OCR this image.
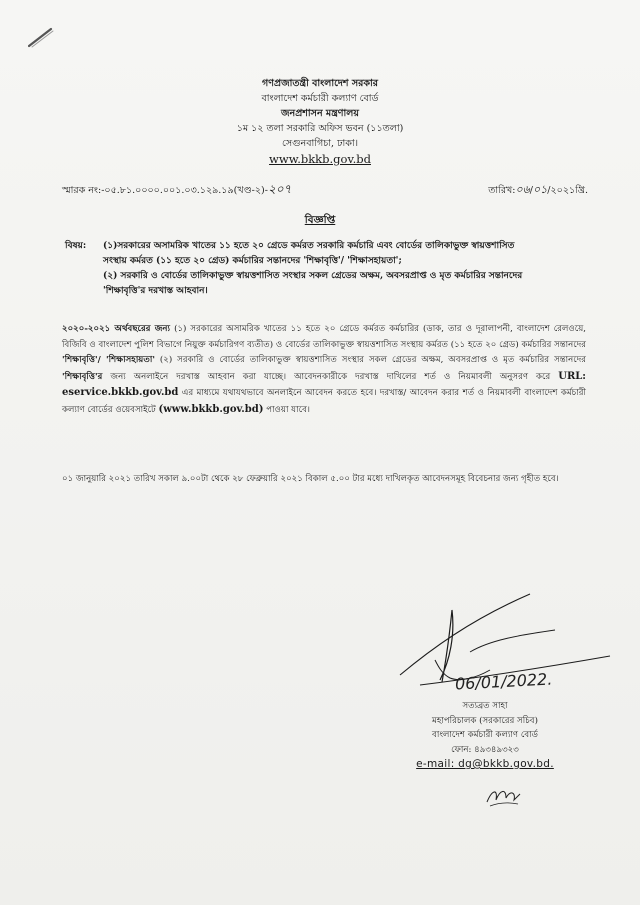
গণপ্রজাতন্ত্রী বাংলাদেশ সরকার
বাংলাদেশ কর্মচারী কল্যাণ বোর্ড
জনপ্রশাসন মন্ত্রণালয়
১ম ১২ তলা সরকারি অফিস ভবন (১১তলা)
সেগুনবাগিচা, ঢাকা।
www.bkkb.gov.bd
স্মারক নং:-০৫.৮১.০০০০.০০১.০৩.১২৯.১৯(খণ্ড-২)-২০৭	তারিখ:০৬/০১/২০২১খ্রি.
বিজ্ঞপ্তি
বিষয়:	(১)সরকারের অসামরিক খাতের ১১ হতে ২০ গ্রেডে কর্মরত সরকারি কর্মচারি এবং বোর্ডের তালিকাভুক্ত স্বায়ত্তশাসিত
সংস্থায় কর্মরত (১১ হতে ২০ গ্রেড) কর্মচারির সন্তানদের 'শিক্ষাবৃত্তি'/ 'শিক্ষাসহায়তা';
(২) সরকারি ও বোর্ডের তালিকাভুক্ত স্বায়ত্তশাসিত সংস্থার সকল গ্রেডের অক্ষম, অবসরপ্রাপ্ত ও মৃত কর্মচারির সন্তানদের
'শিক্ষাবৃত্তি'র দরখাস্ত আহবান।
২০২০-২০২১ অর্থবছরের জন্য (১) সরকারের অসামরিক খাতের ১১ হতে ২০ গ্রেডে কর্মরত কর্মচারির (ডাক, তার ও দূরালাপনী, বাংলাদেশ রেলওয়ে, বিজিবি ও বাংলাদেশ পুলিশ বিভাগে নিয়ুক্ত কর্মচারিগণ ব্যতীত) ও বোর্ডের তালিকাভুক্ত স্বায়ত্তশাসিত সংস্থায় কর্মরত (১১ হতে ২০ গ্রেড) কর্মচারির সন্তানদের 'শিক্ষাবৃত্তি'/ 'শিক্ষাসহায়তা' (২) সরকারি ও বোর্ডের তালিকাভুক্ত স্বায়ত্তশাসিত সংস্থার সকল গ্রেডের অক্ষম, অবসরপ্রাপ্ত ও মৃত কর্মচারির সন্তানদের 'শিক্ষাবৃত্তি'র জন্য অনলাইনে দরখাস্ত আহবান করা যাচ্ছে। আবেদনকারীকে দরখাস্ত দাখিলের শর্ত ও নিয়মাবলী অনুসরণ করে URL: eservice.bkkb.gov.bd এর মাধ্যমে যথাযথভাবে অনলাইনে আবেদন করতে হবে। দরখাস্ত/ আবেদন করার শর্ত ও নিয়মাবলী বাংলাদেশ কর্মচারী কল্যাণ বোর্ডের ওয়েবসাইটে (www.bkkb.gov.bd) পাওয়া যাবে।
০১ জানুয়ারি ২০২১ তারিখ সকাল ৯.০০টা থেকে ২৮ ফেব্রুয়ারি ২০২১ বিকাল ৫.০০ টার মধ্যে দাখিলকৃত আবেদনসমূহ বিবেচনার জন্য গৃহীত হবে।
06/01/2022.
সত্যব্রত সাহা
মহাপরিচালক (সরকারের সচিব)
বাংলাদেশ কর্মচারী কল্যাণ বোর্ড
ফোন: ৪৯৩৪৯৩২৩
e-mail: dg@bkkb.gov.bd.
